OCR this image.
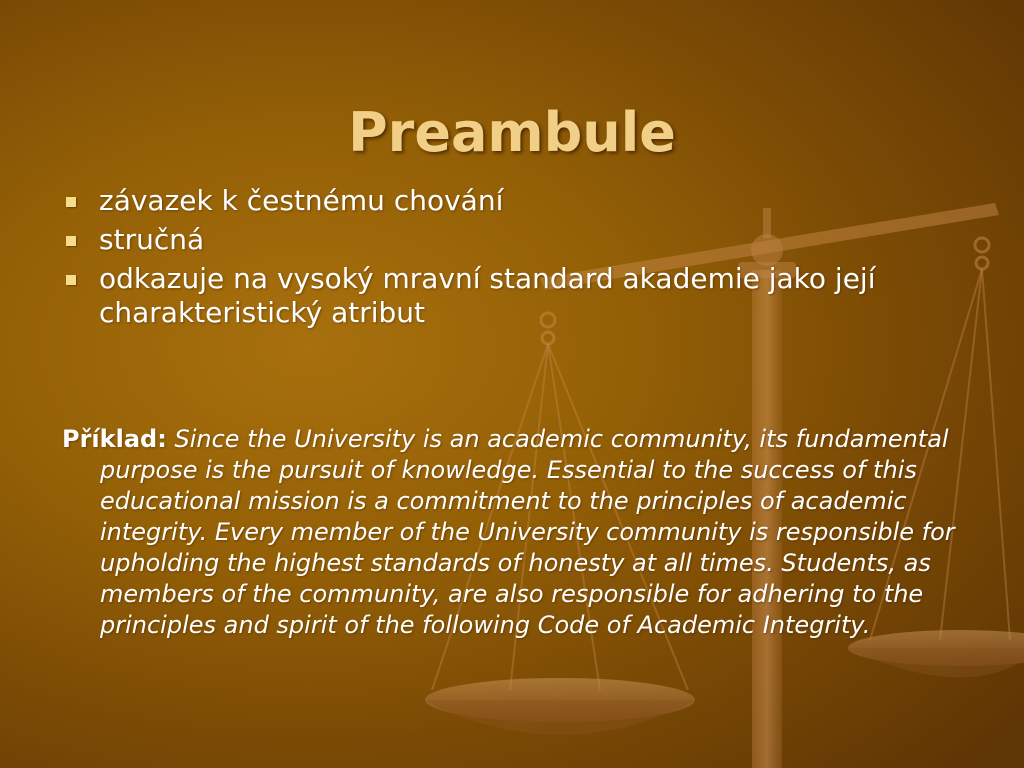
Preambule
závazek k čestnému chování
stručná
odkazuje na vysoký mravní standard akademie jako její charakteristický atribut

Příklad: Since the University is an academic community, its fundamental purpose is the pursuit of knowledge. Essential to the success of this educational mission is a commitment to the principles of academic integrity. Every member of the University community is responsible for upholding the highest standards of honesty at all times. Students, as members of the community, are also responsible for adhering to the principles and spirit of the following Code of Academic Integrity.
